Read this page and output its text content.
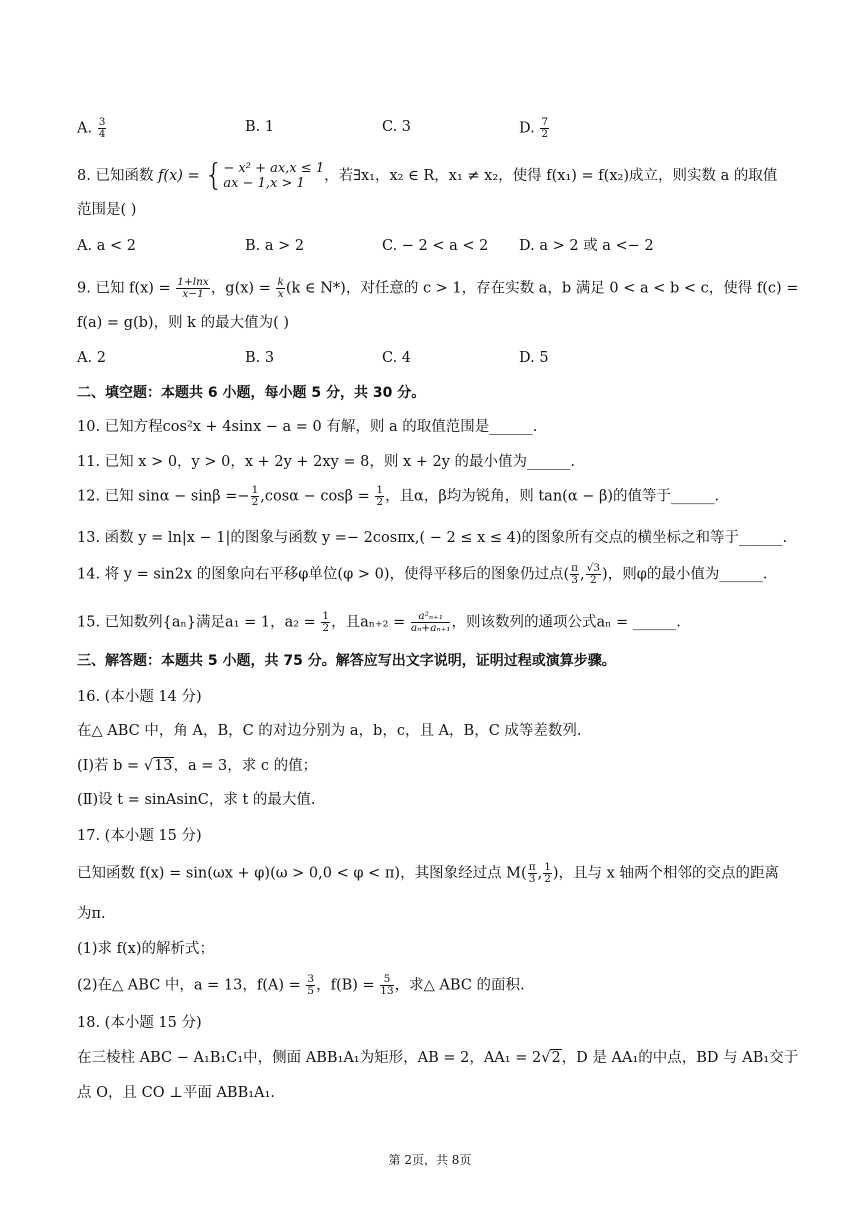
A. $\frac{3}{4}$	B. 1	C. 3	D. $\frac{7}{2}$
8. 已知函数 f(x) = { − x² + ax,x ≤ 1
ax − 1,x > 1	，若∃x₁，x₂ ∈ R，x₁ ≠ x₂，使得 f(x₁) = f(x₂)成立，则实数 a 的取值
范围是( )
A. a < 2	B. a > 2	C. − 2 < a < 2 D. a > 2 或 a <− 2
9. 已知 $f(x) = \frac{1+\ln x}{x-1}$ ，$g(x) = \frac{k}{x} (k$ ∈ N*)，对任意的 c > 1，存在实数 a，b 满足 0 < a < b < c，使得 f(c) =
f(a) = g(b)，则 k 的最大值为( )
A. 2	B. 3	C. 4	D. 5
二、填空题：本题共 6 小题，每小题 5 分，共 30 分。
10. 已知方程cos²x + 4sinx − a = 0 有解，则 a 的取值范围是______.
11. 已知 x > 0，y > 0，x + 2y + 2xy = 8，则 x + 2y 的最小值为______.
12. 已知 $\sin\alpha - \sin\beta =- \frac{1}{2} ,\cos\alpha - \cos\beta = \frac{1}{2}$ ，且α，β均为锐角，则 tan(α − β)的值等于______.
13. 函数 y = ln|x − 1|的图象与函数 y =− 2cosπx,( − 2 ≤ x ≤ 4)的图象所有交点的横坐标之和等于______.
14. 将 y = sin2x 的图象向右平移φ单位(φ > 0)，使得平移后的图象仍过点( $\frac{\pi}{3}$ , $\frac{√3}{2}$ )，则φ的最小值为______.
15. 已知数列{aₙ}满足a₁ = 1，$a_2 = \frac{1}{2}$ ，且$a_{n+2} = \frac{\text{a²ₙ₊₁}}{\text{aₙ+aₙ₊₁}}$ ，则该数列的通项公式aₙ = ______.
三、解答题：本题共 5 小题，共 75 分。解答应写出文字说明，证明过程或演算步骤。
16. (本小题 14 分)
在△ ABC 中，角 A，B，C 的对边分别为 a，b，c，且 A，B，C 成等差数列.
(Ⅰ)若 b = √13，a = 3，求 c 的值；
(Ⅱ)设 t = sinAsinC，求 t 的最大值.
17. (本小题 15 分)
已知函数 f(x) = sin(ωx + φ)(ω > 0,0 < φ < π)，其图象经过点 $M( \frac{\pi}{3}$ , $\frac{1}{2}$ )，且与 x 轴两个相邻的交点的距离
为π.
(1)求 f(x)的解析式；
(2)在△ ABC 中，a = 13，$f(A) = \frac{3}{5}$ ，$f(B) = \frac{5}{13}$ ，求△ ABC 的面积.
18. (本小题 15 分)
在三棱柱 ABC − A₁B₁C₁中，侧面 ABB₁A₁为矩形，AB = 2，AA₁ = 2√2，D 是 AA₁的中点，BD 与 AB₁交于
点 O，且 CO ⊥平面 ABB₁A₁.
第 2页，共 8页
